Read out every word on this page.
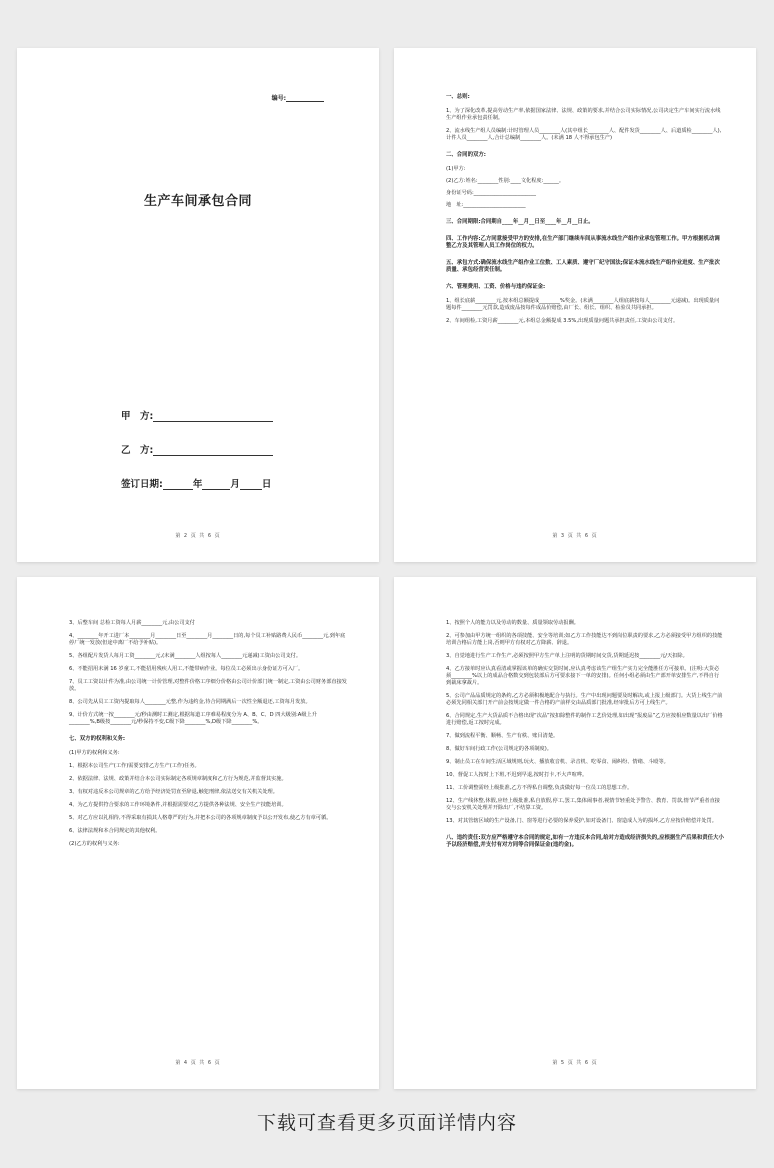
编号:
生产车间承包合同
甲　方:
乙　方:
签订日期:	年	月 日
第 2 页 共 6 页
一、总则:

1、为了深化改革,提高劳动生产率,依据国家法律、法规、政策的要求,并结合公司实际情况,公司决定生产车间实行流水线生产组作业承包责任制。

2、流水线生产组人员编制:计时管理人员________人(其中组长________人、配件发货________人、后道质检________人),计件人员________人,合计总编制________人。(未满 18 人不得承包生产)

二、合同的双方:

(1)甲方:

(2)乙方:姓名:________性别:____文化程度:______。

身份证号码:________________________

地　址:________________________

三、合同期限:合同期自____年__月__日至____年__月__日止。
四、工作内容:乙方同意接受甲方的安排,在生产部门继续车间从事流水线生产组作业承包管理工作。甲方根据机动调整乙方及其管理人员工作岗位的权力。
五、承包方式:确保流水线生产组作业工位数、工人素质、遵守厂纪守国法;保证本流水线生产组作业进度、生产批次质量、承包经营责任制。
六、管理费用、工资、价格与违约保证金:

1、组长底薪________元,按本组总额提成________%奖金。(未满________人组底薪按每人________元递减)。出现质量问题每件________元罚款,造成废品按每件成品价赔偿,由厂长、组长、组织、检验员共同承担。

2、车间组检,工资月薪________元,本组总金额提成 3.5%,出现质量问题共承担责任,工资由公司支付。

第 3 页 共 6 页

3、后整车间 总检工资每人月薪________元,由公司支付

4、________年开工进厂本________月________日至________月________日的,每个员工补贴路费人民币________元,到年底停厂统一发放(但途中离厂不给予补贴)。

5、各组配片发货人每月工资________元,(未满________人组按每人________元递减)工资由公司支付。

6、不能招用未满 16 岁童工,不能招用残疾人用工,不能带病作业。每位员工必须出示身份证方可入厂。

7、员工工资以计件为准,由公司统一计价管理,对整件价格工序细分价格由公司计价部门统一制定,工资由公司财务部直接发放。

8、公司先从员工工资内提取每人________元整,作为违约金,待合同期满后一次性全额退还,工资每月发放。

9、计价方式统一按________元/秒由测时工测定,根据每道工序难易程度分为 A、B、C、D 四大级别:A级上升________%,B级按________元/秒保持不变,C级下降________%,D级下降________%。

七、双方的权利和义务:

(1)甲方的权利和义务:

1、根据本公司生产(工作)需要安排乙方生产(工作)任务。

2、依据法律、法规、政策并结合本公司实际制定各项规章制度和乙方行为规范,并监督其实施。

3、有权对违反本公司规章的乙方给予经济处罚直至辞退,触犯刑律,依法送交有关机关处理。

4、为乙方提供符合要求的工作环境条件,并根据需要对乙方提供各种法规、安全生产技能培训。

5、对乙方应以礼相待,不得采取有损其人格尊严的行为,并把本公司的各项规章制度予以公开发布,使乙方有章可循。

6、法律法规和本合同规定的其他权利。

(2)乙方的权利与义务:

第 4 页 共 6 页

1、按照个人的能力以及劳动的数量、质量领取劳动报酬。

2、可参加由甲方统一组织的各项技能、安全等培训;如乙方工作技能达不到岗位职责的要求,乙方必须接受甲方组织的技能培训合格后方能上岗,否则甲方有权对乙方降薪、辞退。

3、自觉地进行生产工作生产,必须按照甲方生产单上注明的货期时间交货,货期延迟按________元/天扣除。

4、乙方接单时应认真看清或掌握该单的确实交货时间,应认真考虑该生产组生产实力完全能胜任方可接单。(注明:大货必须________%以上的成品合格数交到包装部后方可要求接下一单的安排)。任何小组必须由生产部开单安排生产,不得自行到裁床拿裁片。

5、公司产品品质规定的条约,乙方必须积极地配合与执行。生产中出现问题要及时解决,或上报上级部门。大货上线生产前必须先同相关部门开产前会按规定做一件合格的产前样交由品质部门批准,经审批后方可上线生产。

6、合同规定,生产大货品质不合格出现“次品”按扣除整件的制作工艺价处理,如出现“报废品”乙方应按相应数量以出厂价格进行赔偿,返工按时完成。

7、做到流程平衡、顺畅、生产有秩、账目清楚。

8、做好车间行政工作(公司规定的各项制度)。

9、制止员工在车间生活区域规则,玩火、播放收音机、录音机、吃零食、闹纠纷、情绪、斗殴等。

10、督促工人按时上下班,不迟到早退,按时打卡,不大声喧哗。

11、工价调整需经上级批准,乙方不得私自调整,负责做好每一位员工的思想工作。

12、生产线休整,休假,应经上级批准,私自放假,停工,罢工,集体闹事者,视情节轻重处予警告、教育、罚款,情节严重者直接交与公安机关处理并开除出厂,不结算工资。

13、对其管辖区域的生产设备,门、窗等进行必要的保养爱护,如对设备门、窗造成人为的损坏,乙方应按价赔偿并处罚。

八、违约责任:双方应严格遵守本合同的规定,如有一方违反本合同,给对方造成经济损失的,应根据生产后果和责任大小予以经济赔偿,并支付有对方同等合同保证金(违约金)。
第 5 页 共 6 页
下载可查看更多页面详情内容
